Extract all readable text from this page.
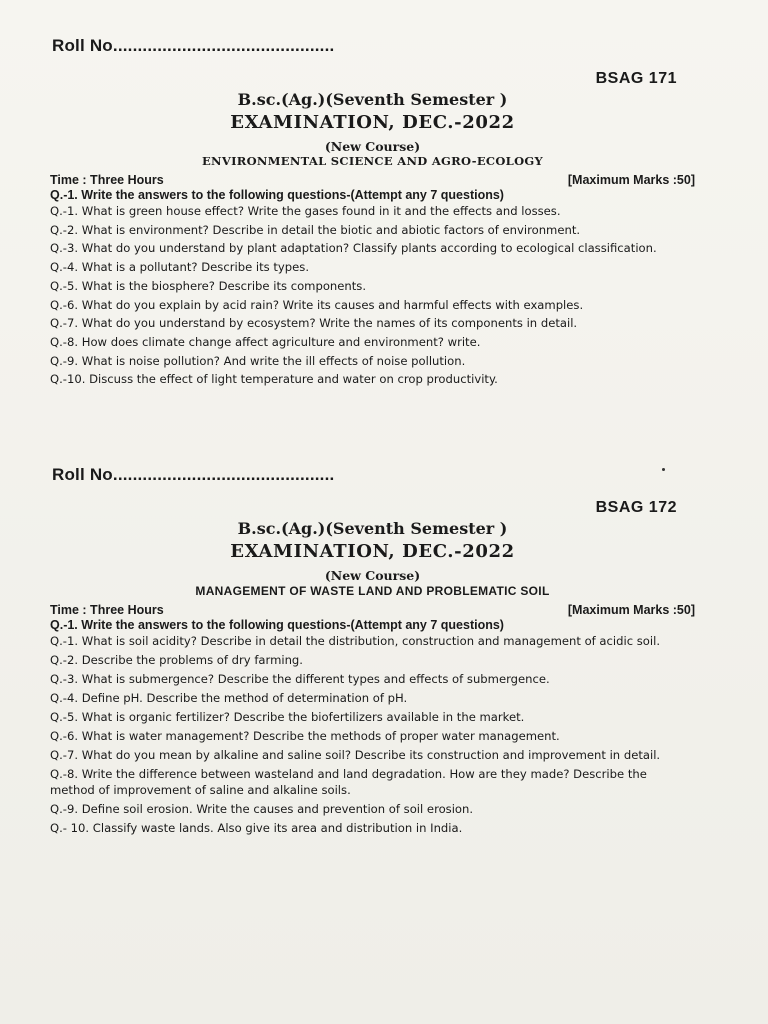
Roll No.............................................
BSAG 171
B.sc.(Ag.)(Seventh Semester )
EXAMINATION, DEC.-2022
(New Course)
ENVIRONMENTAL SCIENCE AND AGRO-ECOLOGY
Time : Three Hours	[Maximum Marks :50]
Q.-1. Write the answers to the following questions-(Attempt any 7 questions)
Q.-1. What is green house effect? Write the gases found in it and the effects and losses.
Q.-2. What is environment? Describe in detail the biotic and abiotic factors of environment.
Q.-3. What do you understand by plant adaptation? Classify plants according to ecological classification.
Q.-4. What is a pollutant? Describe its types.
Q.-5. What is the biosphere? Describe its components.
Q.-6. What do you explain by acid rain? Write its causes and harmful effects with examples.
Q.-7. What do you understand by ecosystem? Write the names of its components in detail.
Q.-8. How does climate change affect agriculture and environment? write.
Q.-9. What is noise pollution? And write the ill effects of noise pollution.
Q.-10. Discuss the effect of light temperature and water on crop productivity.
Roll No.............................................
BSAG 172
B.sc.(Ag.)(Seventh Semester )
EXAMINATION, DEC.-2022
(New Course)
MANAGEMENT OF WASTE LAND AND PROBLEMATIC SOIL
Time : Three Hours	[Maximum Marks :50]
Q.-1. Write the answers to the following questions-(Attempt any 7 questions)
Q.-1. What is soil acidity? Describe in detail the distribution, construction and management of acidic soil.
Q.-2. Describe the problems of dry farming.
Q.-3. What is submergence? Describe the different types and effects of submergence.
Q.-4. Define pH. Describe the method of determination of pH.
Q.-5. What is organic fertilizer? Describe the biofertilizers available in the market.
Q.-6. What is water management? Describe the methods of proper water management.
Q.-7. What do you mean by alkaline and saline soil? Describe its construction and improvement in detail.
Q.-8. Write the difference between wasteland and land degradation. How are they made? Describe the method of improvement of saline and alkaline soils.
Q.-9. Define soil erosion. Write the causes and prevention of soil erosion.
Q.- 10. Classify waste lands. Also give its area and distribution in India.
